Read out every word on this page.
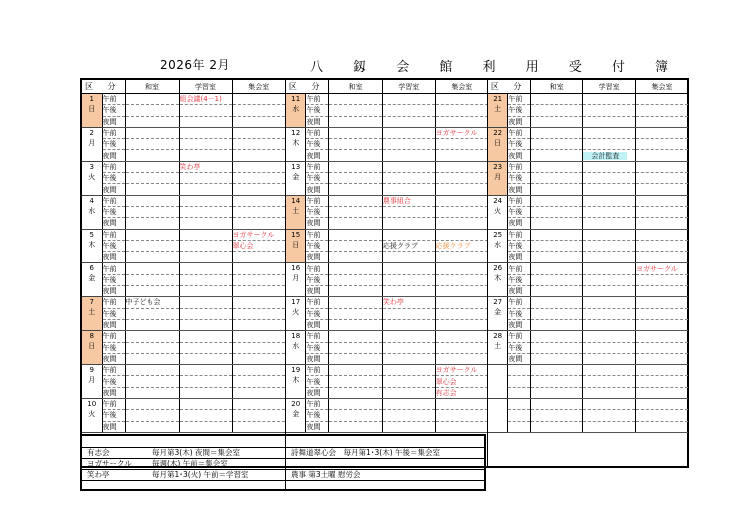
2026年 2月	八 釼 会 館 利 用 受 付 簿
区 分		和室	学習室	集会室

1
日	午前		組会議(4－1)	
	午後			
	夜間			

2
月	午前			
	午後			
	夜間			

3
火	午前		笑わ亭	
	午後			
	夜間			

4
水	午前			
	午後			
	夜間			

5
木	午前			ヨガサークル
	午後			翠心会
	夜間			

6
金	午前			
	午後			
	夜間			

7
土	午前	中子ども会		
	午後			
	夜間			

8
日	午前			
	午後			
	夜間			

9
月	午前			
	午後			
	夜間			

10
火	午前			
	午後			
	夜間			
区 分		和室	学習室	集会室

11
水	午前			
	午後			
	夜間			

12
木	午前			ヨガサークル
	午後			
	夜間			

13
金	午前			
	午後			
	夜間			

14
土	午前		農事組合	
	午後			
	夜間			

15
日	午前			
	午後		応援クラブ	応援クラブ
	夜間			

16
月	午前			
	午後			
	夜間			

17
火	午前		笑わ亭	
	午後			
	夜間			

18
水	午前			
	午後			
	夜間			

19
木	午前			ヨガサークル
	午後			翠心会
	夜間			有志会

20
金	午前			
	午後			
	夜間			
区 分		和室	学習室	集会室

21
土	午前			
	午後			
	夜間			

22
日	午前			
	午後			
	夜間		会計監査	

23
月	午前			
	午後			
	夜間			

24
火	午前			
	午後			
	夜間			

25
水	午前			
	午後			
	夜間			

26
木	午前			ヨガサークル
	午後			
	夜間			

27
金	午前			
	午後			
	夜間			

28
土	午前			
	午後			
	夜間			

有志会	毎月第3(木) 夜間＝集会室	詩舞道翠心会　毎月第1･3(木) 午後＝集会室
ヨガサークル	毎週(木) 午前＝集会室
笑わ亭	毎月第1･3(火) 午前＝学習室	農事 第3土曜 慰労会
